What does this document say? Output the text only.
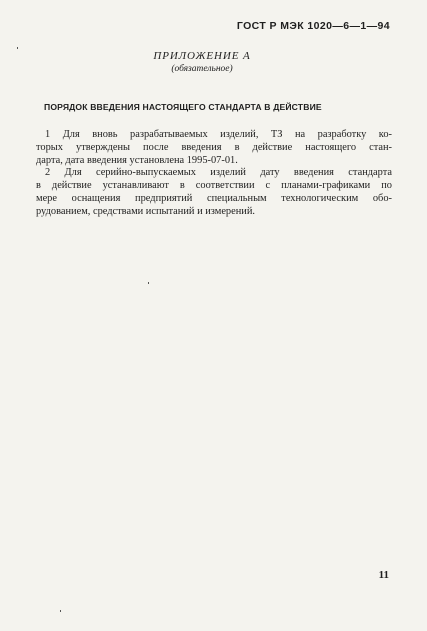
ГОСТ Р МЭК 1020—6—1—94
ПРИЛОЖЕНИЕ А
(обязательное)
ПОРЯДОК ВВЕДЕНИЯ НАСТОЯЩЕГО СТАНДАРТА В ДЕЙСТВИЕ
1 Для вновь разрабатываемых изделий, ТЗ на разработку ко-
торых утверждены после введения в действие настоящего стан-
дарта, дата введения установлена 1995-07-01.
2 Для серийно-выпускаемых изделий дату введения стандарта
в действие устанавливают в соответствии с планами-графиками по
мере оснащения предприятий специальным технологическим обо-
рудованием, средствами испытаний и измерений.
11
